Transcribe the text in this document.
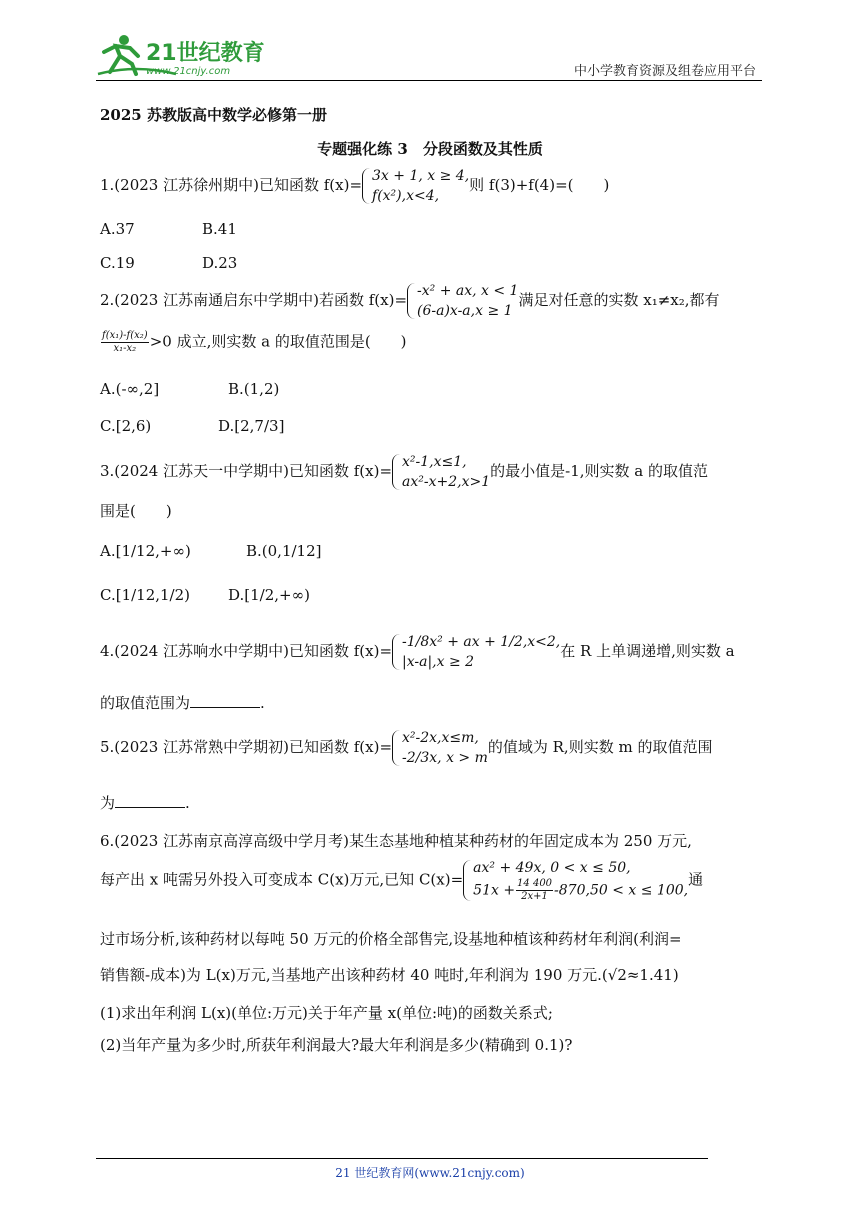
21世纪教育
www.21cnjy.com	中小学教育资源及组卷应用平台
2025 苏教版高中数学必修第一册
专题强化练 3　分段函数及其性质
1.(2023 江苏徐州期中)已知函数 f(x)= 3x + 1, x ≥ 4,
f(x²),x<4,
则 f(3)+f(4)=(　　)
A.37	B.41
C.19	D.23
2.(2023 江苏南通启东中学期中)若函数 f(x)= -x² + ax, x < 1
(6-a)x-a,x ≥ 1
满足对任意的实数 x₁≠x₂,都有
$\frac{\text{f(x₁)-f(x₂)}}{\text{x₁-x₂}} >0$ 成立,则实数 a 的取值范围是(　　)
A.(-∞,2]	B.(1,2)
C.[2,6)	D.[2,7/3]
3.(2024 江苏天一中学期中)已知函数 f(x)= x²-1,x≤1,
ax²-x+2,x>1
的最小值是-1,则实数 a 的取值范
围是(　　)
A.[1/12,+∞)	B.(0,1/12]
C.[1/12,1/2)	D.[1/2,+∞)
4.(2024 江苏响水中学期中)已知函数 f(x)= -1/8x² + ax + 1/2,x<2,
|x-a|,x ≥ 2
在 R 上单调递增,则实数 a
的取值范围为	.
5.(2023 江苏常熟中学期初)已知函数 f(x)= x²-2x,x≤m,
-2/3x, x > m
的值域为 R,则实数 m 的取值范围
为	.
6.(2023 江苏南京高淳高级中学月考)某生态基地种植某种药材的年固定成本为 250 万元,
每产出 x 吨需另外投入可变成本 C(x)万元,已知 C(x)=
ax² + 49x, 0 < x ≤ 50,
$51x + \frac{14 400}{2x+1} -870,50 < x \le 100$,
通
过市场分析,该种药材以每吨 50 万元的价格全部售完,设基地种植该种药材年利润(利润=
销售额-成本)为 L(x)万元,当基地产出该种药材 40 吨时,年利润为 190 万元.(√2≈1.41)
(1)求出年利润 L(x)(单位:万元)关于年产量 x(单位:吨)的函数关系式;
(2)当年产量为多少时,所获年利润最大?最大年利润是多少(精确到 0.1)?
21 世纪教育网(www.21cnjy.com)
